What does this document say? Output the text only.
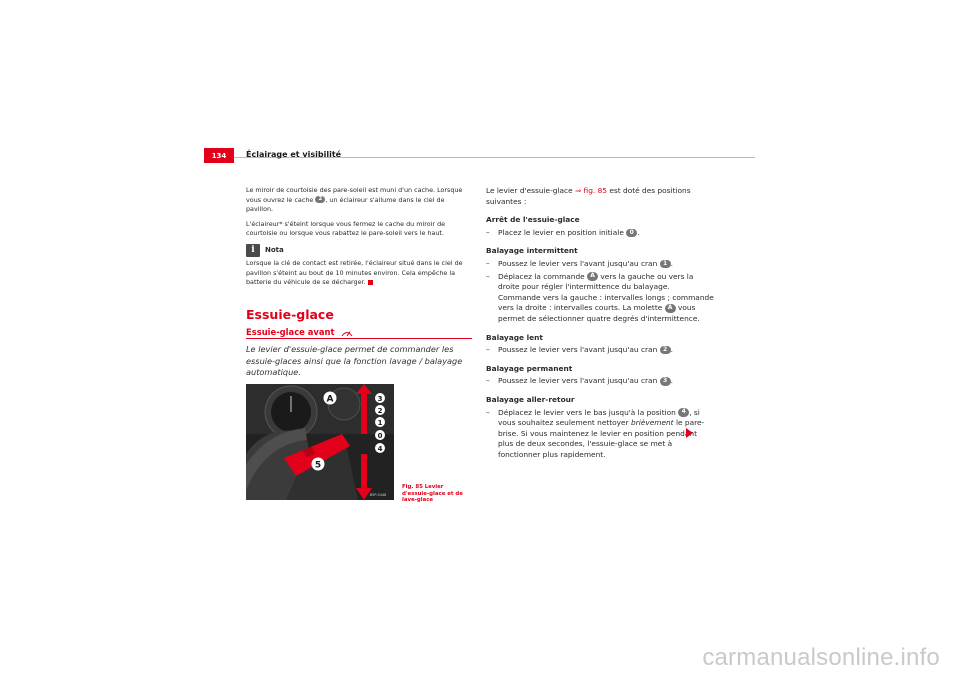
134	Éclairage et visibilité

Le miroir de courtoisie des pare-soleil est muni d'un cache. Lorsque vous ouvrez le cache 2 , un éclaireur s'allume dans le ciel de pavillon.

L'éclaireur* s'éteint lorsque vous fermez le cache du miroir de courtoisie ou lorsque vous rabattez le pare-soleil vers le haut.

i
Nota

Lorsque la clé de contact est retirée, l'éclaireur situé dans le ciel de pavillon s'éteint au bout de 10 minutes environ. Cela empêche la batterie du véhicule de se décharger.

Essuie-glace
Essuie-glace avant

Le levier d'essuie-glace permet de commander les essuie-glaces ainsi que la fonction lavage / balayage automatique.

A
5
3
2
1
0
4
B5P-0448
Fig. 85 Levier d'essuie-glace et de lave-glace

Le levier d'essuie-glace ⇒ fig. 85 est doté des positions suivantes :

Arrêt de l'essuie-glace
– Placez le levier en position initiale 0 .
Balayage intermittent
– Poussez le levier vers l'avant jusqu'au cran 1 .
– Déplacez la commande A vers la gauche ou vers la droite pour régler l'intermittence du balayage. Commande vers la gauche : intervalles longs ; commande vers la droite : intervalles courts. La molette A vous permet de sélectionner quatre degrés d'intermittence.
Balayage lent
– Poussez le levier vers l'avant jusqu'au cran 2 .
Balayage permanent
– Poussez le levier vers l'avant jusqu'au cran 3 .
Balayage aller-retour
– Déplacez le levier vers le bas jusqu'à la position 4 , si vous souhaitez seulement nettoyer brièvement le pare-brise. Si vous maintenez le levier en position pendant plus de deux secondes, l'essuie-glace se met à fonctionner plus rapidement.
carmanualsonline.info
